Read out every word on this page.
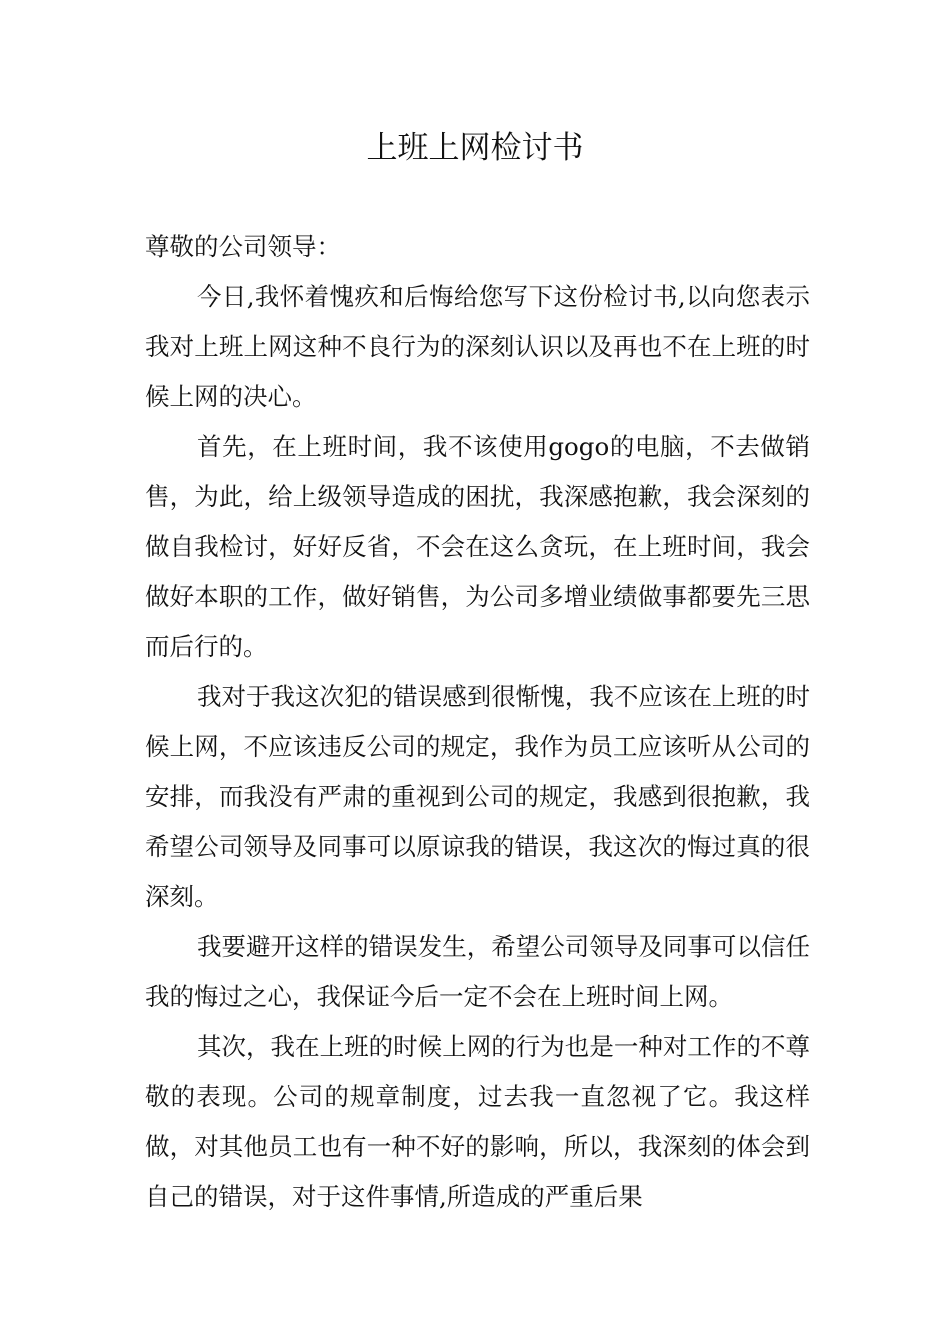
上班上网检讨书

尊敬的公司领导：

今日,我怀着愧疚和后悔给您写下这份检讨书,以向您表示我对上班上网这种不良行为的深刻认识以及再也不在上班的时候上网的决心。

首先，在上班时间，我不该使用gogo的电脑，不去做销售，为此，给上级领导造成的困扰，我深感抱歉，我会深刻的做自我检讨，好好反省，不会在这么贪玩，在上班时间，我会做好本职的工作，做好销售，为公司多增业绩做事都要先三思而后行的。

我对于我这次犯的错误感到很惭愧，我不应该在上班的时候上网，不应该违反公司的规定，我作为员工应该听从公司的安排，而我没有严肃的重视到公司的规定，我感到很抱歉，我希望公司领导及同事可以原谅我的错误，我这次的悔过真的很深刻。

我要避开这样的错误发生，希望公司领导及同事可以信任我的悔过之心，我保证今后一定不会在上班时间上网。

其次，我在上班的时候上网的行为也是一种对工作的不尊敬的表现。公司的规章制度，过去我一直忽视了它。我这样做，对其他员工也有一种不好的影响，所以，我深刻的体会到自己的错误，对于这件事情,所造成的严重后果
